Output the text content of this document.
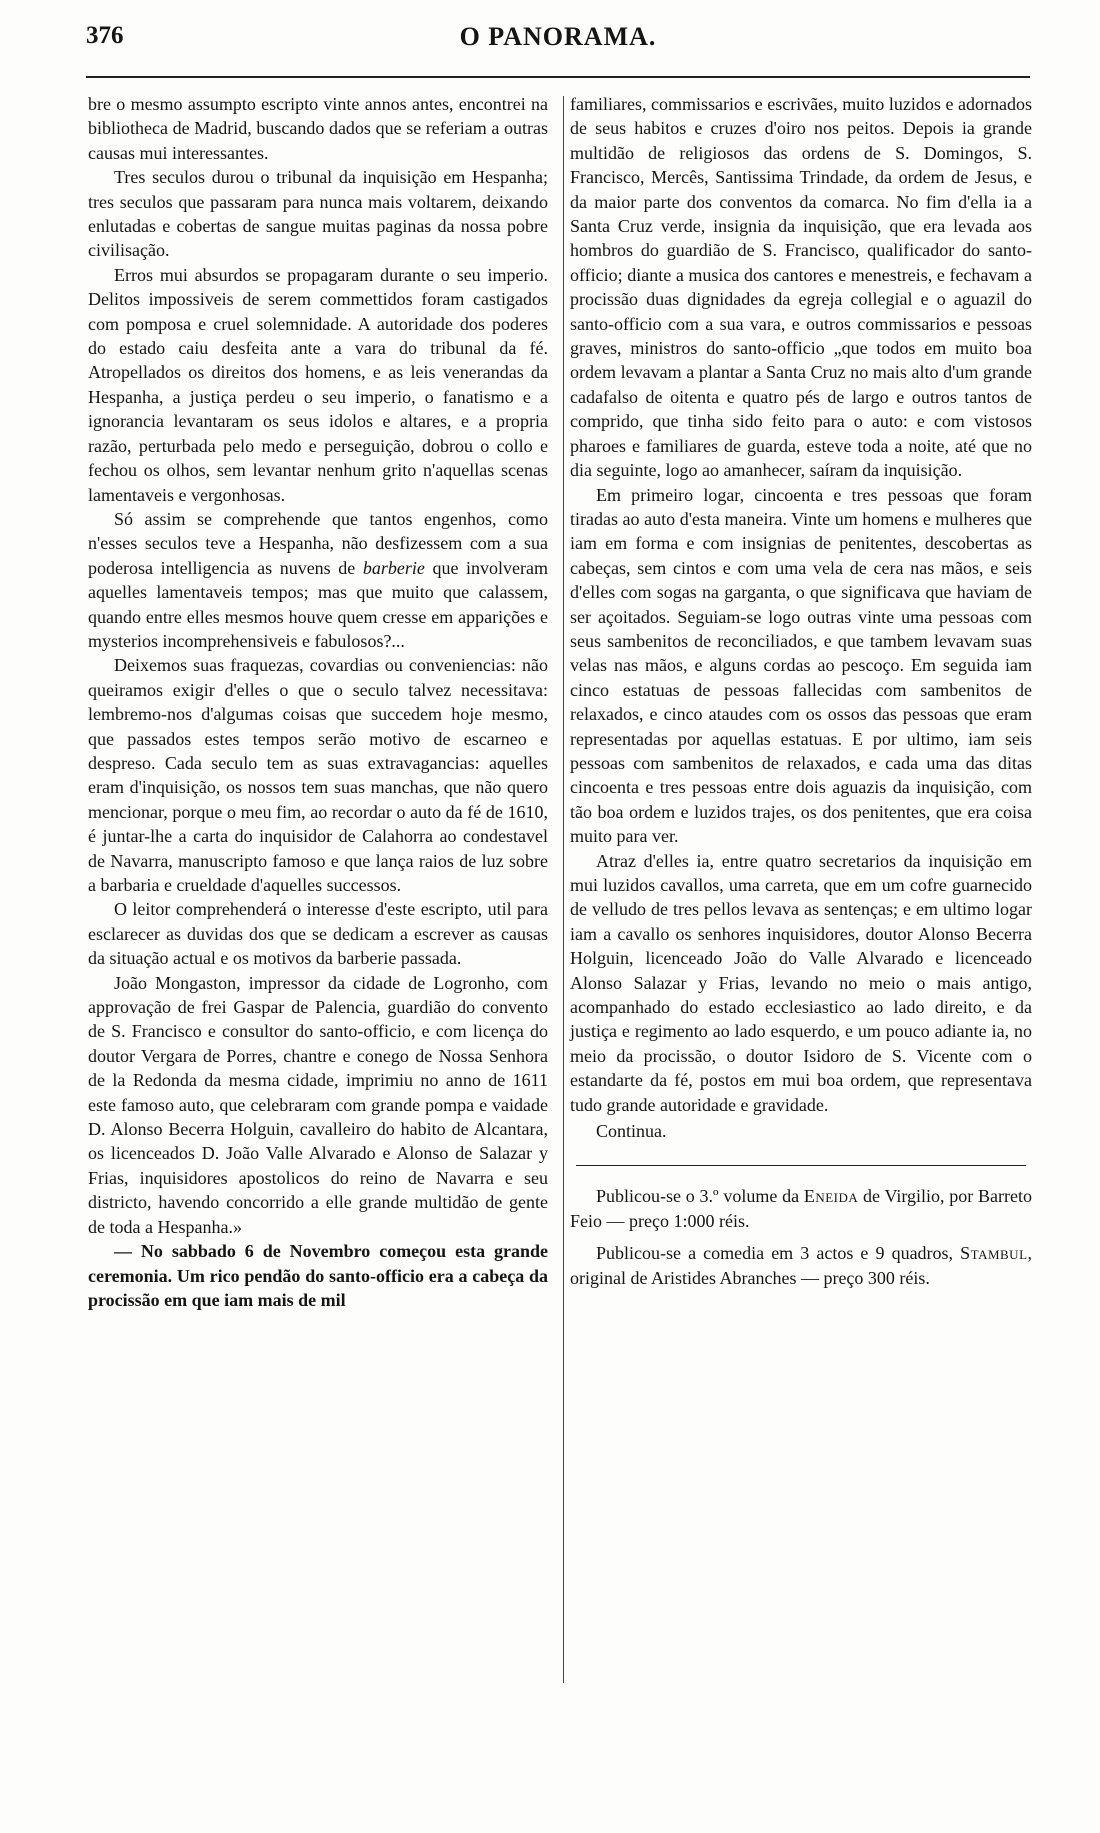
376	O PANORAMA.

bre o mesmo assumpto escripto vinte annos antes, encontrei na bibliotheca de Madrid, buscando dados que se referiam a outras causas mui interessantes.

Tres seculos durou o tribunal da inquisição em Hespanha; tres seculos que passaram para nunca mais voltarem, deixando enlutadas e cobertas de sangue muitas paginas da nossa pobre civilisação.

Erros mui absurdos se propagaram durante o seu imperio. Delitos impossiveis de serem commettidos foram castigados com pomposa e cruel solemnidade. A autoridade dos poderes do estado caiu desfeita ante a vara do tribunal da fé. Atropellados os direitos dos homens, e as leis venerandas da Hespanha, a justiça perdeu o seu imperio, o fanatismo e a ignorancia levantaram os seus idolos e altares, e a propria razão, perturbada pelo medo e perseguição, dobrou o collo e fechou os olhos, sem levantar nenhum grito n'aquellas scenas lamentaveis e vergonhosas.

Só assim se comprehende que tantos engenhos, como n'esses seculos teve a Hespanha, não desfizessem com a sua poderosa intelligencia as nuvens de barberie que involveram aquelles lamentaveis tempos; mas que muito que calassem, quando entre elles mesmos houve quem cresse em apparições e mysterios incomprehensiveis e fabulosos?...

Deixemos suas fraquezas, covardias ou conveniencias: não queiramos exigir d'elles o que o seculo talvez necessitava: lembremo-nos d'algumas coisas que succedem hoje mesmo, que passados estes tempos serão motivo de escarneo e despreso. Cada seculo tem as suas extravagancias: aquelles eram d'inquisição, os nossos tem suas manchas, que não quero mencionar, porque o meu fim, ao recordar o auto da fé de 1610, é juntar-lhe a carta do inquisidor de Calahorra ao condestavel de Navarra, manuscripto famoso e que lança raios de luz sobre a barbaria e crueldade d'aquelles successos.

O leitor comprehenderá o interesse d'este escripto, util para esclarecer as duvidas dos que se dedicam a escrever as causas da situação actual e os motivos da barberie passada.

João Mongaston, impressor da cidade de Logronho, com approvação de frei Gaspar de Palencia, guardião do convento de S. Francisco e consultor do santo-officio, e com licença do doutor Vergara de Porres, chantre e conego de Nossa Senhora de la Redonda da mesma cidade, imprimiu no anno de 1611 este famoso auto, que celebraram com grande pompa e vaidade D. Alonso Becerra Holguin, cavalleiro do habito de Alcantara, os licenceados D. João Valle Alvarado e Alonso de Salazar y Frias, inquisidores apostolicos do reino de Navarra e seu districto, havendo concorrido a elle grande multidão de gente de toda a Hespanha.»

— No sabbado 6 de Novembro começou esta grande ceremonia. Um rico pendão do santo-officio era a cabeça da procissão em que iam mais de mil

familiares, commissarios e escrivães, muito luzidos e adornados de seus habitos e cruzes d'oiro nos peitos. Depois ia grande multidão de religiosos das ordens de S. Domingos, S. Francisco, Mercês, Santissima Trindade, da ordem de Jesus, e da maior parte dos conventos da comarca. No fim d'ella ia a Santa Cruz verde, insignia da inquisição, que era levada aos hombros do guardião de S. Francisco, qualificador do santo-officio; diante a musica dos cantores e menestreis, e fechavam a procissão duas dignidades da egreja collegial e o aguazil do santo-officio com a sua vara, e outros commissarios e pessoas graves, ministros do santo-officio „que todos em muito boa ordem levavam a plantar a Santa Cruz no mais alto d'um grande cadafalso de oitenta e quatro pés de largo e outros tantos de comprido, que tinha sido feito para o auto: e com vistosos pharoes e familiares de guarda, esteve toda a noite, até que no dia seguinte, logo ao amanhecer, saíram da inquisição.

Em primeiro logar, cincoenta e tres pessoas que foram tiradas ao auto d'esta maneira. Vinte um homens e mulheres que iam em forma e com insignias de penitentes, descobertas as cabeças, sem cintos e com uma vela de cera nas mãos, e seis d'elles com sogas na garganta, o que significava que haviam de ser açoitados. Seguiam-se logo outras vinte uma pessoas com seus sambenitos de reconciliados, e que tambem levavam suas velas nas mãos, e alguns cordas ao pescoço. Em seguida iam cinco estatuas de pessoas fallecidas com sambenitos de relaxados, e cinco ataudes com os ossos das pessoas que eram representadas por aquellas estatuas. E por ultimo, iam seis pessoas com sambenitos de relaxados, e cada uma das ditas cincoenta e tres pessoas entre dois aguazis da inquisição, com tão boa ordem e luzidos trajes, os dos penitentes, que era coisa muito para ver.

Atraz d'elles ia, entre quatro secretarios da inquisição em mui luzidos cavallos, uma carreta, que em um cofre guarnecido de velludo de tres pellos levava as sentenças; e em ultimo logar iam a cavallo os senhores inquisidores, doutor Alonso Becerra Holguin, licenceado João do Valle Alvarado e licenceado Alonso Salazar y Frias, levando no meio o mais antigo, acompanhado do estado ecclesiastico ao lado direito, e da justiça e regimento ao lado esquerdo, e um pouco adiante ia, no meio da procissão, o doutor Isidoro de S. Vicente com o estandarte da fé, postos em mui boa ordem, que representava tudo grande autoridade e gravidade.

Continua.

Publicou-se o 3.º volume da Eneida de Virgilio, por Barreto Feio — preço 1:000 réis.

Publicou-se a comedia em 3 actos e 9 quadros, Stambul, original de Aristides Abranches — preço 300 réis.
